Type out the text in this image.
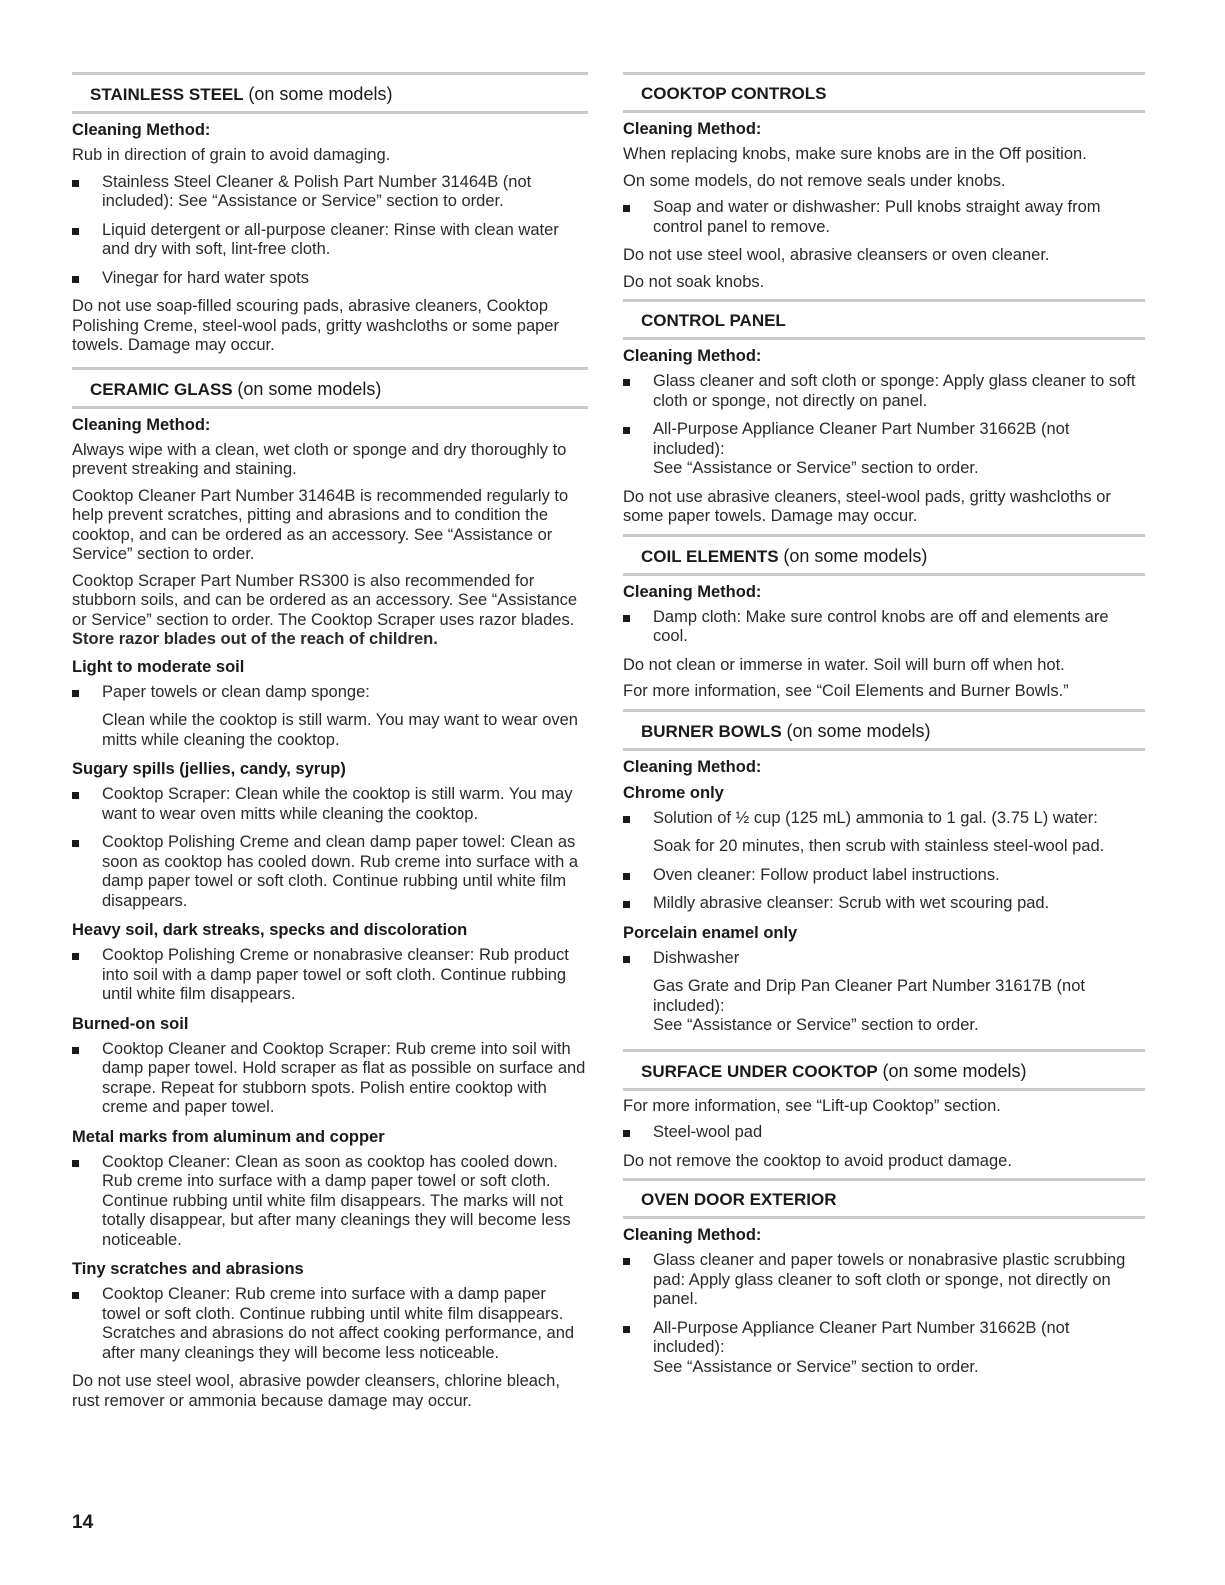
STAINLESS STEEL (on some models)
Cleaning Method:

Rub in direction of grain to avoid damaging.

Stainless Steel Cleaner & Polish Part Number 31464B (not included): See “Assistance or Service” section to order.
Liquid detergent or all-purpose cleaner: Rinse with clean water and dry with soft, lint-free cloth.
Vinegar for hard water spots

Do not use soap-filled scouring pads, abrasive cleaners, Cooktop Polishing Creme, steel-wool pads, gritty washcloths or some paper towels. Damage may occur.

CERAMIC GLASS (on some models)
Cleaning Method:

Always wipe with a clean, wet cloth or sponge and dry thoroughly to prevent streaking and staining.

Cooktop Cleaner Part Number 31464B is recommended regularly to help prevent scratches, pitting and abrasions and to condition the cooktop, and can be ordered as an accessory. See “Assistance or Service” section to order.

Cooktop Scraper Part Number RS300 is also recommended for stubborn soils, and can be ordered as an accessory. See “Assistance or Service” section to order. The Cooktop Scraper uses razor blades. Store razor blades out of the reach of children.

Light to moderate soil
Paper towels or clean damp sponge:
Clean while the cooktop is still warm. You may want to wear oven mitts while cleaning the cooktop.
Sugary spills (jellies, candy, syrup)
Cooktop Scraper: Clean while the cooktop is still warm. You may want to wear oven mitts while cleaning the cooktop.
Cooktop Polishing Creme and clean damp paper towel: Clean as soon as cooktop has cooled down. Rub creme into surface with a damp paper towel or soft cloth. Continue rubbing until white film disappears.
Heavy soil, dark streaks, specks and discoloration
Cooktop Polishing Creme or nonabrasive cleanser: Rub product into soil with a damp paper towel or soft cloth. Continue rubbing until white film disappears.
Burned-on soil
Cooktop Cleaner and Cooktop Scraper: Rub creme into soil with damp paper towel. Hold scraper as flat as possible on surface and scrape. Repeat for stubborn spots. Polish entire cooktop with creme and paper towel.
Metal marks from aluminum and copper
Cooktop Cleaner: Clean as soon as cooktop has cooled down. Rub creme into surface with a damp paper towel or soft cloth. Continue rubbing until white film disappears. The marks will not totally disappear, but after many cleanings they will become less noticeable.
Tiny scratches and abrasions
Cooktop Cleaner: Rub creme into surface with a damp paper towel or soft cloth. Continue rubbing until white film disappears. Scratches and abrasions do not affect cooking performance, and after many cleanings they will become less noticeable.

Do not use steel wool, abrasive powder cleansers, chlorine bleach, rust remover or ammonia because damage may occur.

COOKTOP CONTROLS
Cleaning Method:

When replacing knobs, make sure knobs are in the Off position.

On some models, do not remove seals under knobs.

Soap and water or dishwasher: Pull knobs straight away from control panel to remove.

Do not use steel wool, abrasive cleansers or oven cleaner.

Do not soak knobs.

CONTROL PANEL
Cleaning Method:
Glass cleaner and soft cloth or sponge: Apply glass cleaner to soft cloth or sponge, not directly on panel.
All-Purpose Appliance Cleaner Part Number 31662B (not included):
See “Assistance or Service” section to order.

Do not use abrasive cleaners, steel-wool pads, gritty washcloths or some paper towels. Damage may occur.

COIL ELEMENTS (on some models)
Cleaning Method:
Damp cloth: Make sure control knobs are off and elements are cool.

Do not clean or immerse in water. Soil will burn off when hot.

For more information, see “Coil Elements and Burner Bowls.”

BURNER BOWLS (on some models)
Cleaning Method:
Chrome only
Solution of ½ cup (125 mL) ammonia to 1 gal. (3.75 L) water:
Soak for 20 minutes, then scrub with stainless steel-wool pad.
Oven cleaner: Follow product label instructions.
Mildly abrasive cleanser: Scrub with wet scouring pad.
Porcelain enamel only
Dishwasher
Gas Grate and Drip Pan Cleaner Part Number 31617B (not included):
See “Assistance or Service” section to order.
SURFACE UNDER COOKTOP (on some models)

For more information, see “Lift-up Cooktop” section.

Steel-wool pad

Do not remove the cooktop to avoid product damage.

OVEN DOOR EXTERIOR
Cleaning Method:
Glass cleaner and paper towels or nonabrasive plastic scrubbing pad: Apply glass cleaner to soft cloth or sponge, not directly on panel.
All-Purpose Appliance Cleaner Part Number 31662B (not included):
See “Assistance or Service” section to order.
14
